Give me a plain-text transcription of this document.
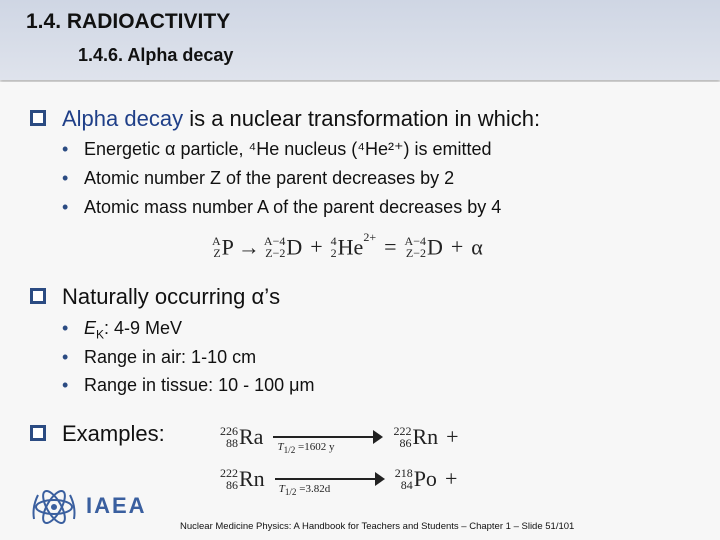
1.4. RADIOACTIVITY
1.4.6. Alpha decay
Alpha decay is a nuclear transformation in which:
• Energetic α particle, ⁴He nucleus (⁴He²⁺) is emitted
• Atomic number Z of the parent decreases by 2
• Atomic mass number A of the parent decreases by 4
A
Z P → A−4
Z−2 D + 4
2 $He^{2+} = A-4$
Z−2 D + α
Naturally occurring α’s
• $E_K$: 4-9 MeV
• Range in air: 1-10 cm
• Range in tissue: 10 - 100 μm
Examples:	226
88 Ra $T_{1/2} =1602$ y

222
86 Rn +
222
86 Rn $T_{1/2} =3.82d$

218
84 Po +
IAEA
Nuclear Medicine Physics: A Handbook for Teachers and Students – Chapter 1 – Slide 51/101
